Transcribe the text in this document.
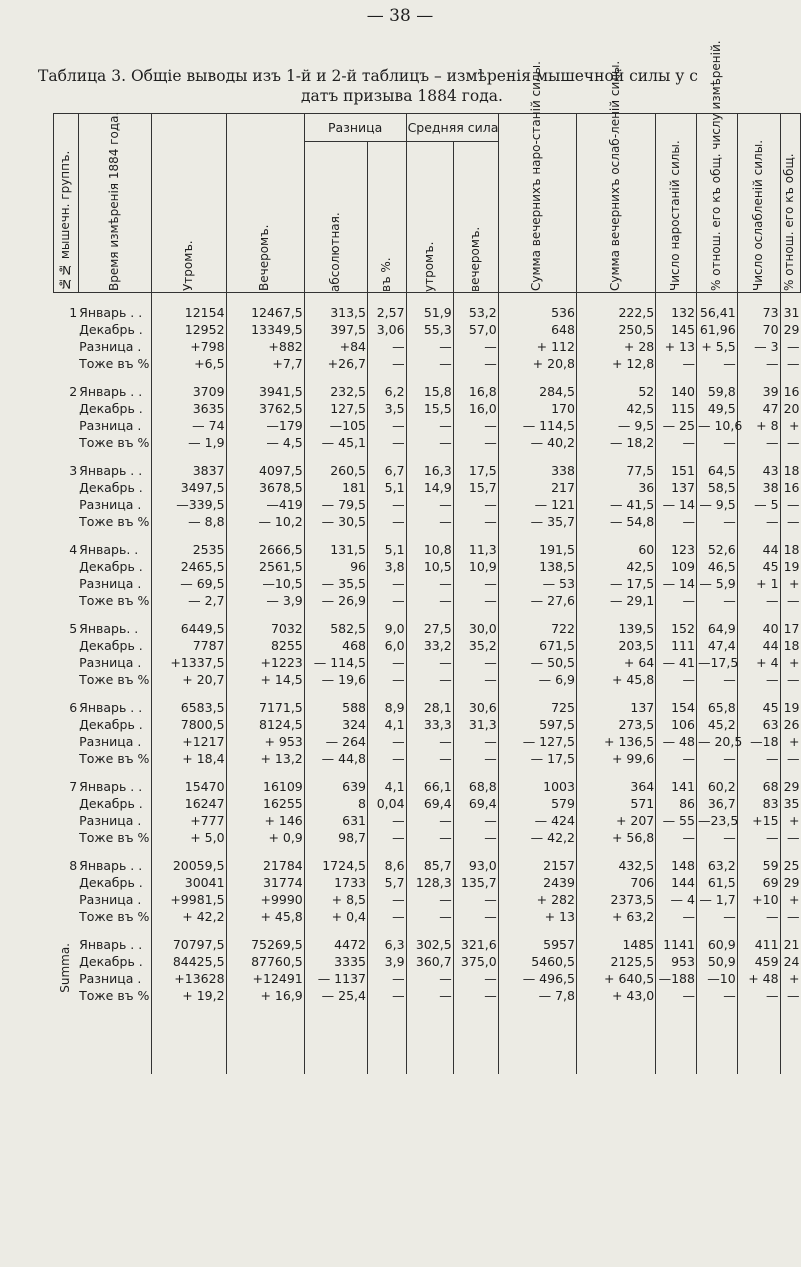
— 38 —
Таблица 3. Общіе выводы изъ 1-й и 2-й таблицъ – измѣренія мышечной силы у с
датъ призыва 1884 года.
№№ мышечн. группъ.	Время измѣренія 1884 года.	Утромъ.	Вечеромъ.	Разница		Средняя сила		Сумма вечернихъ наро-станій силы.	Сумма вечернихъ ослаб-леній силы.	Число наростаній силы.	% отнош. его къ общ. числу измѣреній.	Число ослабленій силы.	% отнош. его къ общ.

				абсолютная.	въ %.	утромъ.	вечеромъ.						

1	Январь . .	12154	12467,5	313,5	2,57	51,9	53,2	536	222,5	132	56,41	73	31
	Декабрь .	12952	13349,5	397,5	3,06	55,3	57,0	648	250,5	145	61,96	70	29
	Разница .	+798	+882	+84	—	—	—	+ 112	+ 28	+ 13	+ 5,5	— 3	—
	Тоже въ %	+6,5	+7,7	+26,7	—	—	—	+ 20,8	+ 12,8	—	—	—	—

2	Январь . .	3709	3941,5	232,5	6,2	15,8	16,8	284,5	52	140	59,8	39	16
	Декабрь .	3635	3762,5	127,5	3,5	15,5	16,0	170	42,5	115	49,5	47	20
	Разница .	— 74	—179	—105	—	—	—	— 114,5	— 9,5	— 25	— 10,6	+ 8	+
	Тоже въ %	— 1,9	— 4,5	— 45,1	—	—	—	— 40,2	— 18,2	—	—	—	—

3	Январь . .	3837	4097,5	260,5	6,7	16,3	17,5	338	77,5	151	64,5	43	18
	Декабрь .	3497,5	3678,5	181	5,1	14,9	15,7	217	36	137	58,5	38	16
	Разница .	—339,5	—419	— 79,5	—	—	—	— 121	— 41,5	— 14	— 9,5	— 5	—
	Тоже въ %	— 8,8	— 10,2	— 30,5	—	—	—	— 35,7	— 54,8	—	—	—	—

4	Январь. .	2535	2666,5	131,5	5,1	10,8	11,3	191,5	60	123	52,6	44	18
	Декабрь .	2465,5	2561,5	96	3,8	10,5	10,9	138,5	42,5	109	46,5	45	19
	Разница .	— 69,5	—10,5	— 35,5	—	—	—	— 53	— 17,5	— 14	— 5,9	+ 1	+
	Тоже въ %	— 2,7	— 3,9	— 26,9	—	—	—	— 27,6	— 29,1	—	—	—	—

5	Январь. .	6449,5	7032	582,5	9,0	27,5	30,0	722	139,5	152	64,9	40	17
	Декабрь .	7787	8255	468	6,0	33,2	35,2	671,5	203,5	111	47,4	44	18
	Разница .	+1337,5	+1223	— 114,5	—	—	—	— 50,5	+ 64	— 41	—17,5	+ 4	+
	Тоже въ %	+ 20,7	+ 14,5	— 19,6	—	—	—	— 6,9	+ 45,8	—	—	—	—

6	Январь . .	6583,5	7171,5	588	8,9	28,1	30,6	725	137	154	65,8	45	19
	Декабрь .	7800,5	8124,5	324	4,1	33,3	31,3	597,5	273,5	106	45,2	63	26
	Разница .	+1217	+ 953	— 264	—	—	—	— 127,5	+ 136,5	— 48	— 20,5	—18	+
	Тоже въ %	+ 18,4	+ 13,2	— 44,8	—	—	—	— 17,5	+ 99,6	—	—	—	—

7	Январь . .	15470	16109	639	4,1	66,1	68,8	1003	364	141	60,2	68	29
	Декабрь .	16247	16255	8	0,04	69,4	69,4	579	571	86	36,7	83	35
	Разница .	+777	+ 146	631	—	—	—	— 424	+ 207	— 55	—23,5	+15	+
	Тоже въ %	+ 5,0	+ 0,9	98,7	—	—	—	— 42,2	+ 56,8	—	—	—	—

8	Январь . .	20059,5	21784	1724,5	8,6	85,7	93,0	2157	432,5	148	63,2	59	25
	Декабрь .	30041	31774	1733	5,7	128,3	135,7	2439	706	144	61,5	69	29
	Разница .	+9981,5	+9990	+ 8,5	—	—	—	+ 282	2373,5	— 4	— 1,7	+10	+
	Тоже въ %	+ 42,2	+ 45,8	+ 0,4	—	—	—	+ 13	+ 63,2	—	—	—	—

Summa.	Январь . .	70797,5	75269,5	4472	6,3	302,5	321,6	5957	1485	1141	60,9	411	21
	Декабрь .	84425,5	87760,5	3335	3,9	360,7	375,0	5460,5	2125,5	953	50,9	459	24
	Разница .	+13628	+12491	— 1137	—	—	—	— 496,5	+ 640,5	—188	—10	+ 48	+
	Тоже въ %	+ 19,2	+ 16,9	— 25,4	—	—	—	— 7,8	+ 43,0	—	—	—	—
